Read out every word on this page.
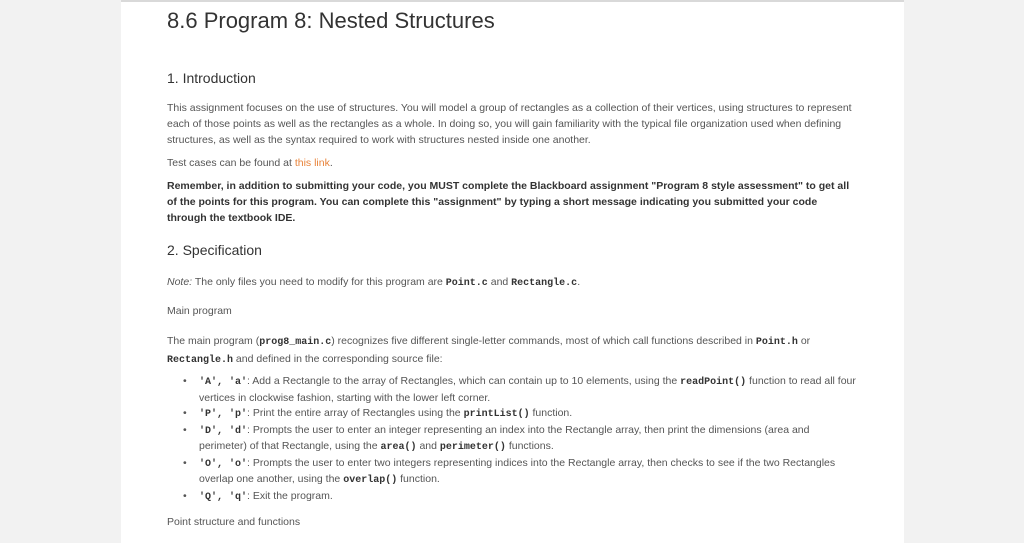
8.6 Program 8: Nested Structures
1. Introduction

This assignment focuses on the use of structures. You will model a group of rectangles as a collection of their vertices, using structures to represent each of those points as well as the rectangles as a whole. In doing so, you will gain familiarity with the typical file organization used when defining structures, as well as the syntax required to work with structures nested inside one another.

Test cases can be found at this link.

Remember, in addition to submitting your code, you MUST complete the Blackboard assignment "Program 8 style assessment" to get all of the points for this program. You can complete this "assignment" by typing a short message indicating you submitted your code through the textbook IDE.

2. Specification

Note: The only files you need to modify for this program are Point.c and Rectangle.c.

Main program

The main program (prog8_main.c) recognizes five different single-letter commands, most of which call functions described in Point.h or Rectangle.h and defined in the corresponding source file:

• 'A', 'a': Add a Rectangle to the array of Rectangles, which can contain up to 10 elements, using the readPoint() function to read all four vertices in clockwise fashion, starting with the lower left corner.
• 'P', 'p': Print the entire array of Rectangles using the printList() function.
• 'D', 'd': Prompts the user to enter an integer representing an index into the Rectangle array, then print the dimensions (area and perimeter) of that Rectangle, using the area() and perimeter() functions.
• 'O', 'o': Prompts the user to enter two integers representing indices into the Rectangle array, then checks to see if the two Rectangles overlap one another, using the overlap() function.
• 'Q', 'q': Exit the program.
Point structure and functions
